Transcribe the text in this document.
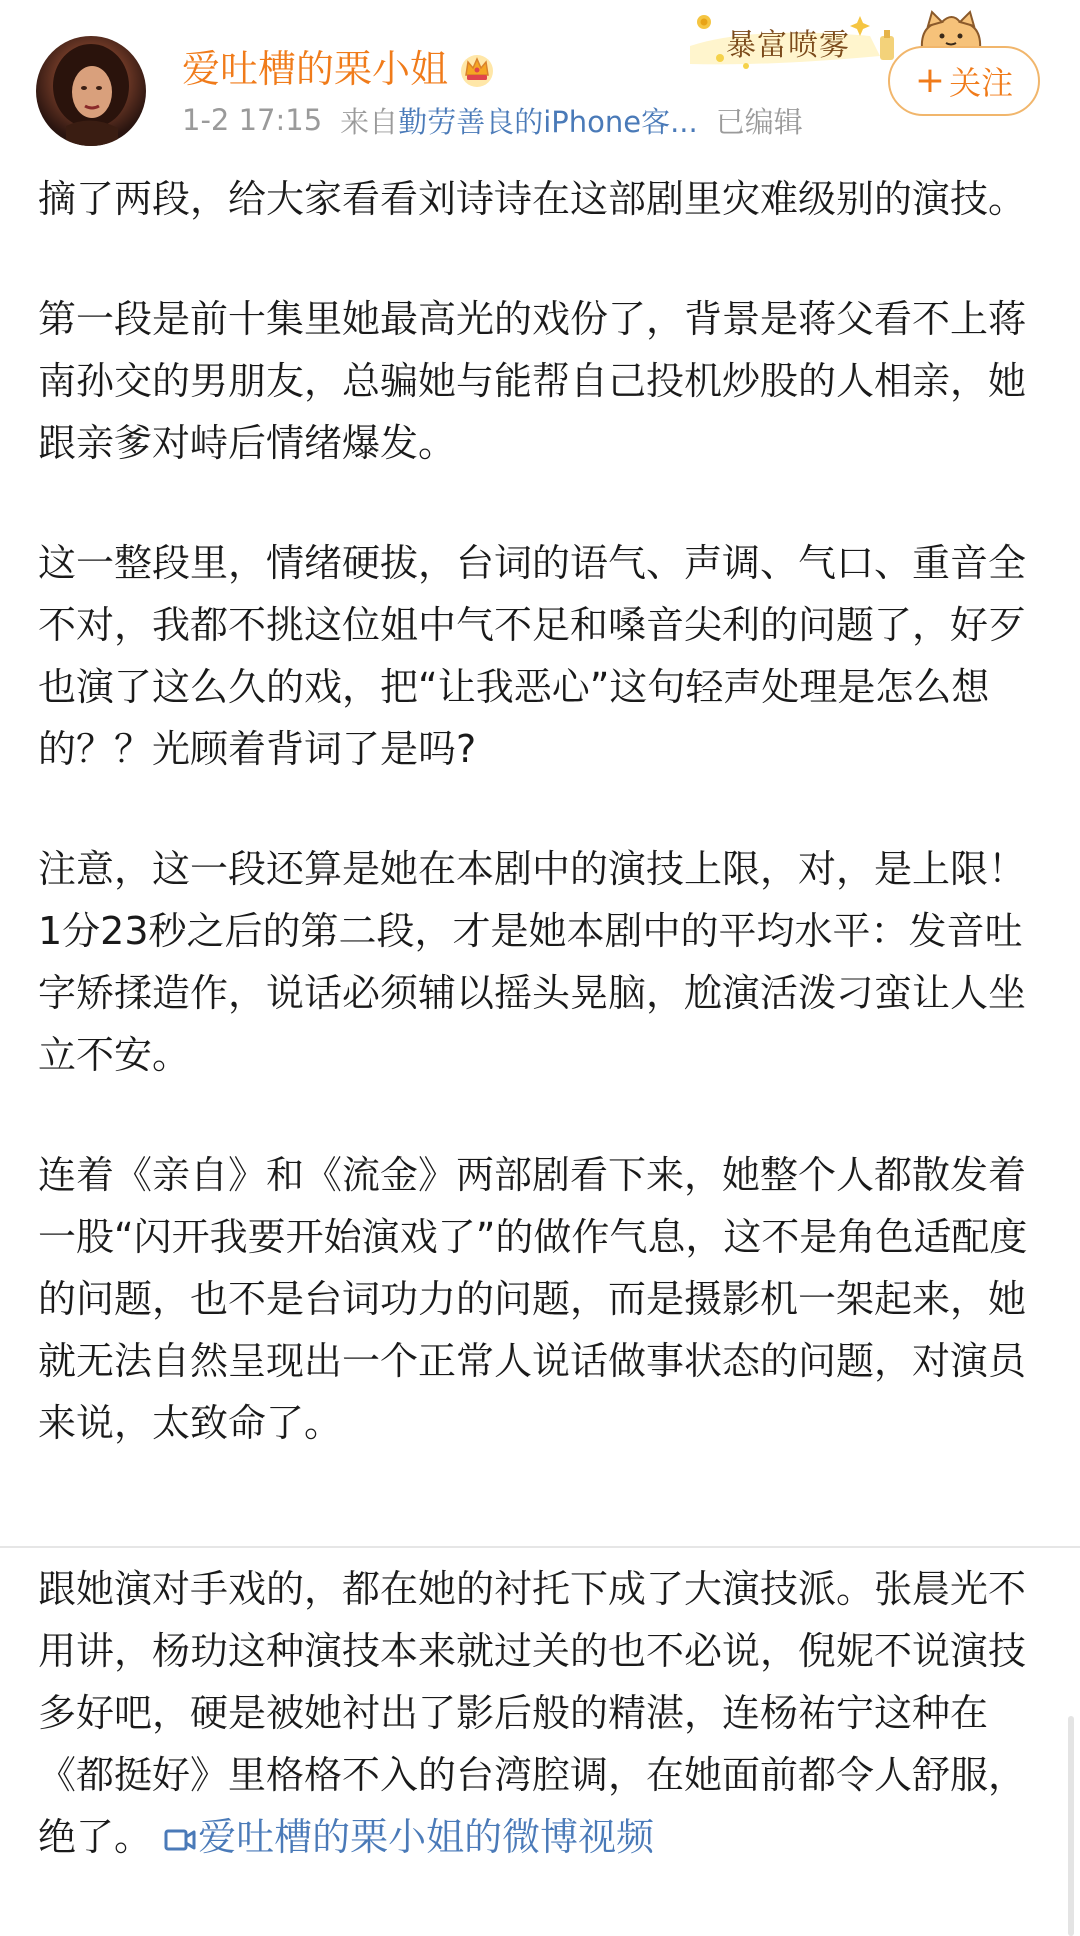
爱吐槽的栗小姐
1-2 17:15 来自 勤劳善良的iPhone客... 已编辑
暴富喷雾
+ 关注

摘了两段，给大家看看刘诗诗在这部剧里灾难级别的演技。

第一段是前十集里她最高光的戏份了，背景是蒋父看不上蒋南孙交的男朋友，总骗她与能帮自己投机炒股的人相亲，她跟亲爹对峙后情绪爆发。

这一整段里，情绪硬拔，台词的语气、声调、气口、重音全不对，我都不挑这位姐中气不足和嗓音尖利的问题了，好歹也演了这么久的戏，把“让我恶心”这句轻声处理是怎么想的？？光顾着背词了是吗?

注意，这一段还算是她在本剧中的演技上限，对，是上限！1分23秒之后的第二段，才是她本剧中的平均水平：发音吐字矫揉造作，说话必须辅以摇头晃脑，尬演活泼刁蛮让人坐立不安。

连着《亲自》和《流金》两部剧看下来，她整个人都散发着一股“闪开我要开始演戏了”的做作气息，这不是角色适配度的问题，也不是台词功力的问题，而是摄影机一架起来，她就无法自然呈现出一个正常人说话做事状态的问题，对演员来说，太致命了。

跟她演对手戏的，都在她的衬托下成了大演技派。张晨光不用讲，杨玏这种演技本来就过关的也不必说，倪妮不说演技多好吧，硬是被她衬出了影后般的精湛，连杨祐宁这种在《都挺好》里格格不入的台湾腔调，在她面前都令人舒服，绝了。 爱吐槽的栗小姐的微博视频
